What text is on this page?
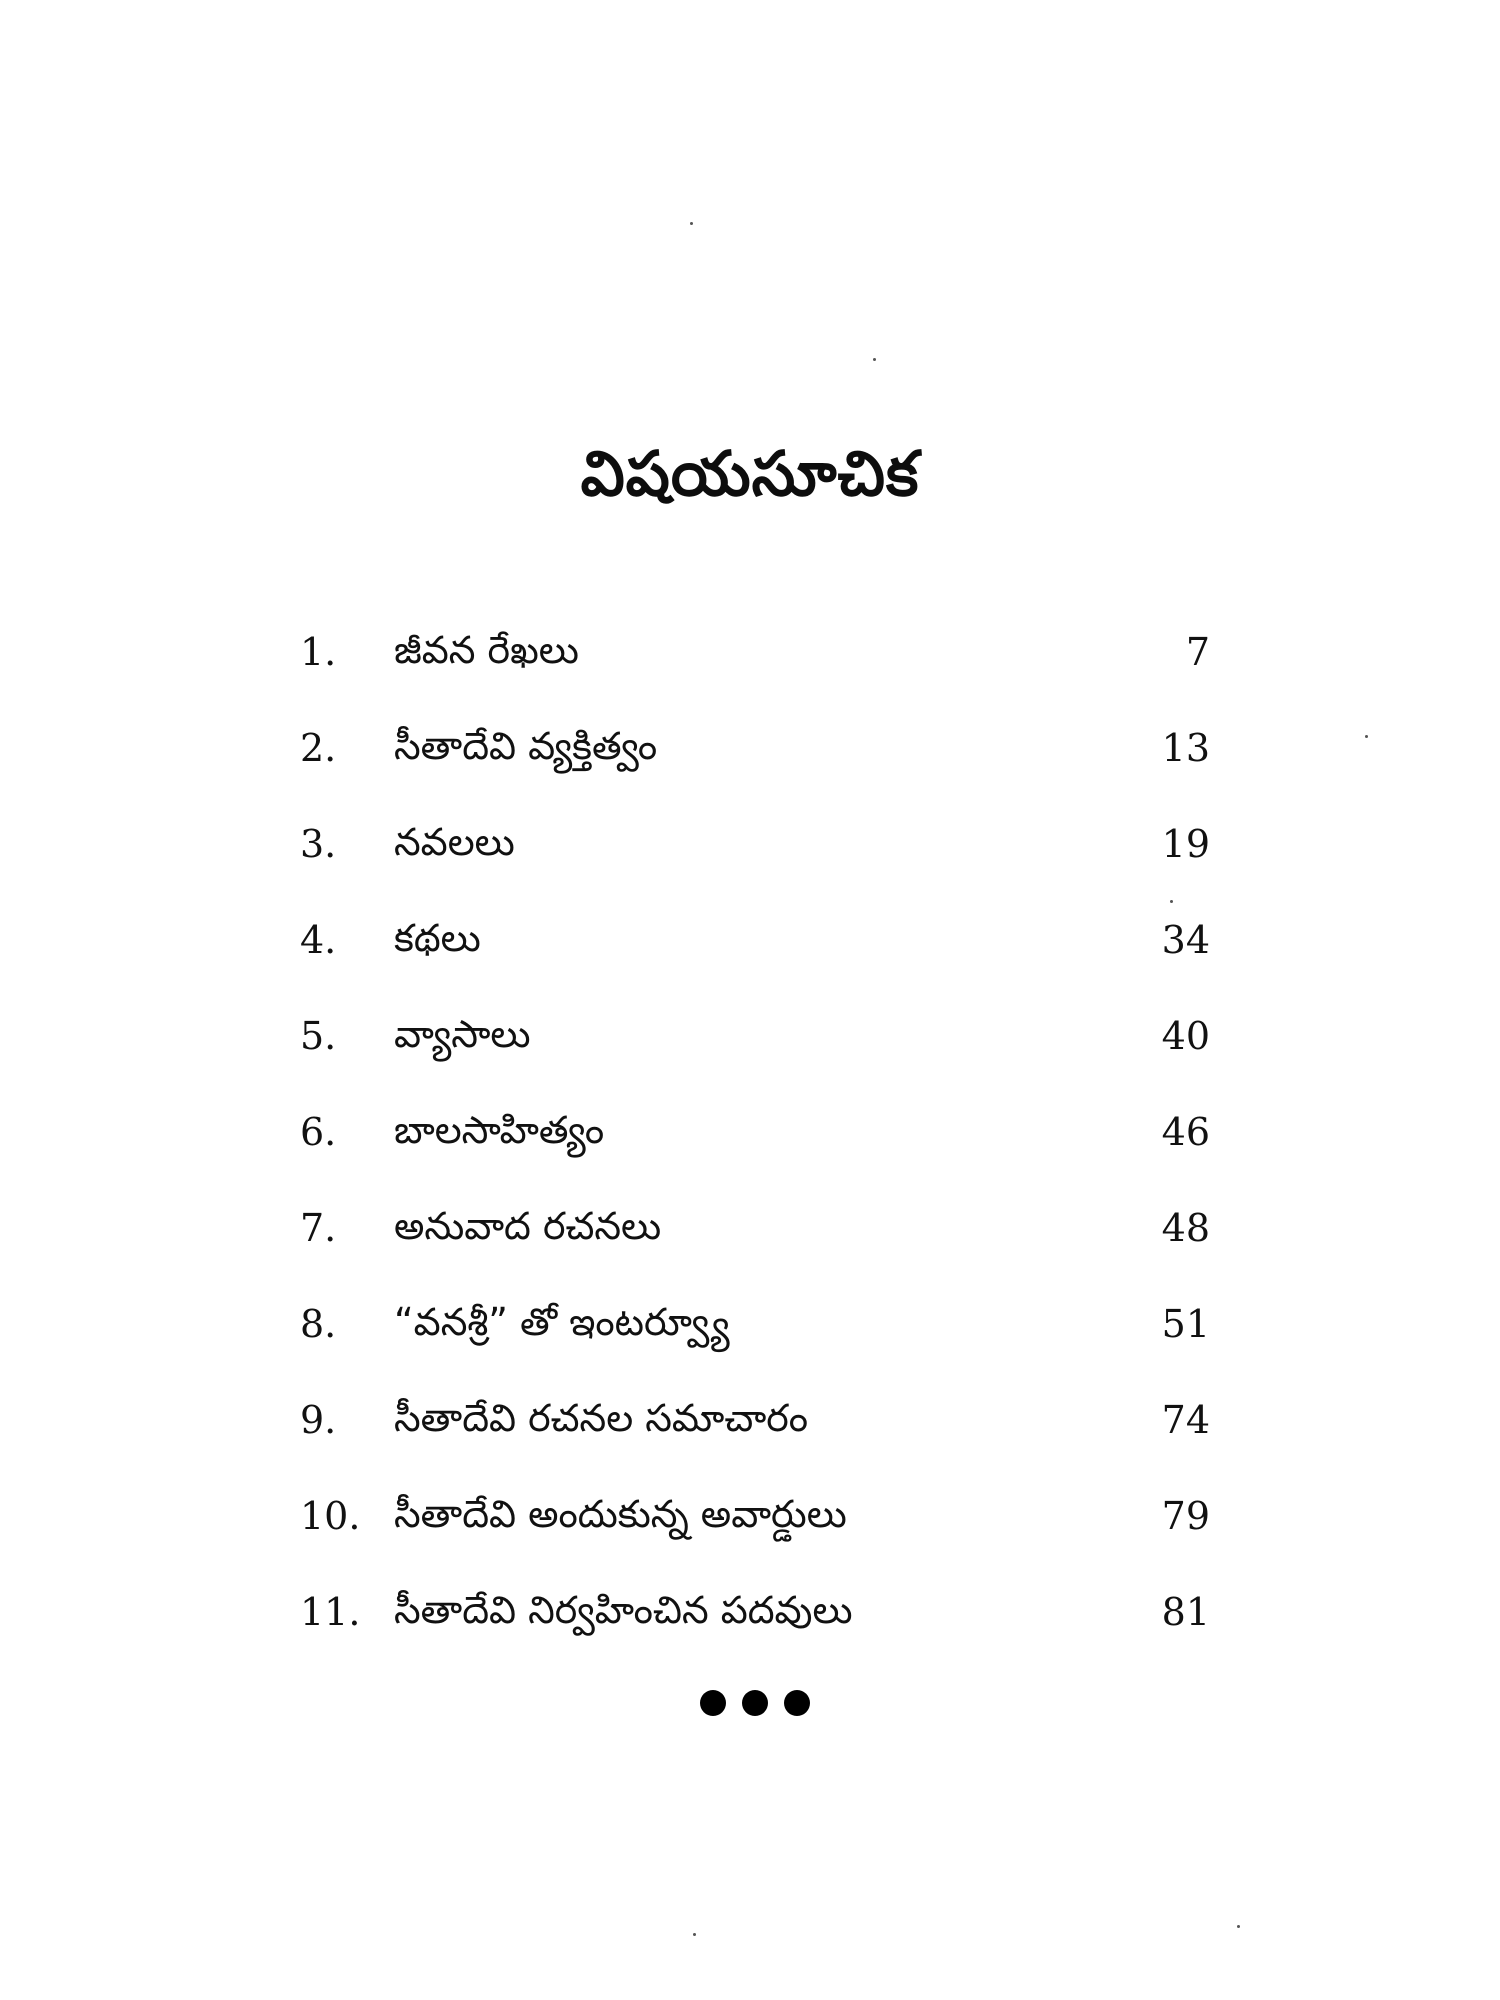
విషయసూచిక
1. జీవన రేఖలు	7
2. సీతాదేవి వ్యక్తిత్వం	13
3. నవలలు	19
4. కథలు	34
5. వ్యాసాలు	40
6. బాలసాహిత్యం	46
7. అనువాద రచనలు	48
8. “వనశ్రీ” తో ఇంటర్వ్యూ	51
9. సీతాదేవి రచనల సమాచారం	74
10. సీతాదేవి అందుకున్న అవార్డులు	79
11. సీతాదేవి నిర్వహించిన పదవులు	81
